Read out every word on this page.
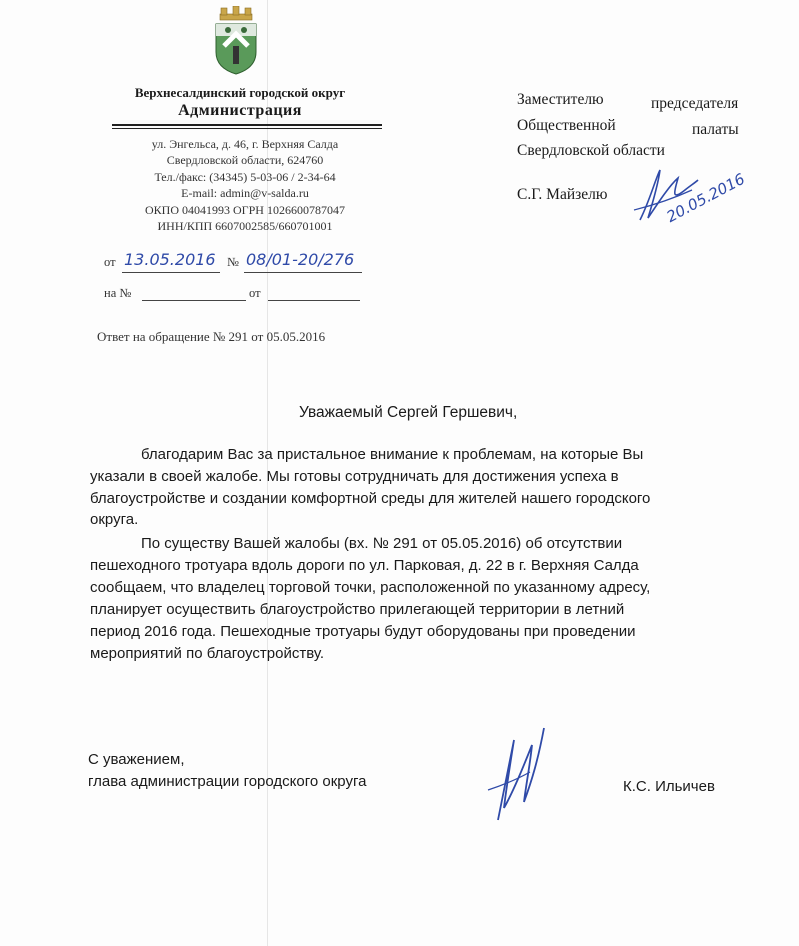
Верхнесалдинский городской округ
Администрация
ул. Энгельса, д. 46, г. Верхняя Салда
Свердловской области, 624760
Тел./факс: (34345) 5-03-06 / 2-34-64
E-mail: admin@v-salda.ru
ОКПО 04041993 ОГРН 1026600787047
ИНН/КПП 6607002585/660701001
от 13.05.2016 № 08/01-20/276
на №	от
Ответ на обращение № 291 от 05.05.2016
Заместителю	председателя
Общественной	палаты
Свердловской области
С.Г. Майзелю	20.05.2016
Уважаемый Сергей Гершевич,
благодарим Вас за пристальное внимание к проблемам, на которые Вы
указали в своей жалобе. Мы готовы сотрудничать для достижения успеха в
благоустройстве и создании комфортной среды для жителей нашего городского
округа.
По существу Вашей жалобы (вх. № 291 от 05.05.2016) об отсутствии
пешеходного тротуара вдоль дороги по ул. Парковая, д. 22 в г. Верхняя Салда
сообщаем, что владелец торговой точки, расположенной по указанному адресу,
планирует осуществить благоустройство прилегающей территории в летний
период 2016 года. Пешеходные тротуары будут оборудованы при проведении
мероприятий по благоустройству.
С уважением,
глава администрации городского округа	К.С. Ильичев
